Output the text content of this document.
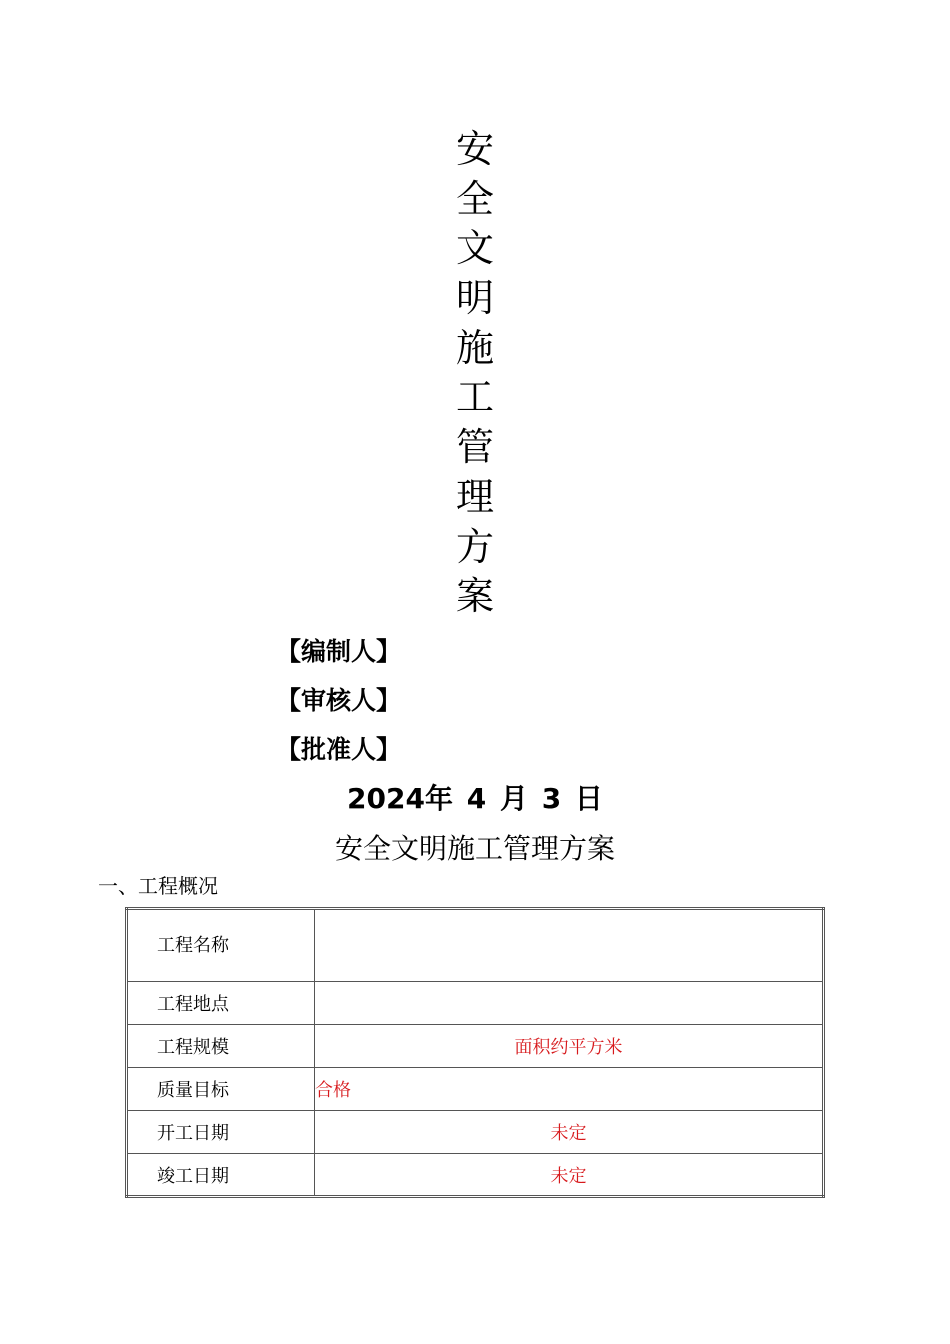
安
全
文
明
施
工
管
理
方
案
【编制人】
【审核人】
【批准人】
2024年 4 月 3 日
安全文明施工管理方案
一、工程概况
工程名称	
工程地点	
工程规模	面积约平方米
质量目标	合格
开工日期	未定
竣工日期	未定
